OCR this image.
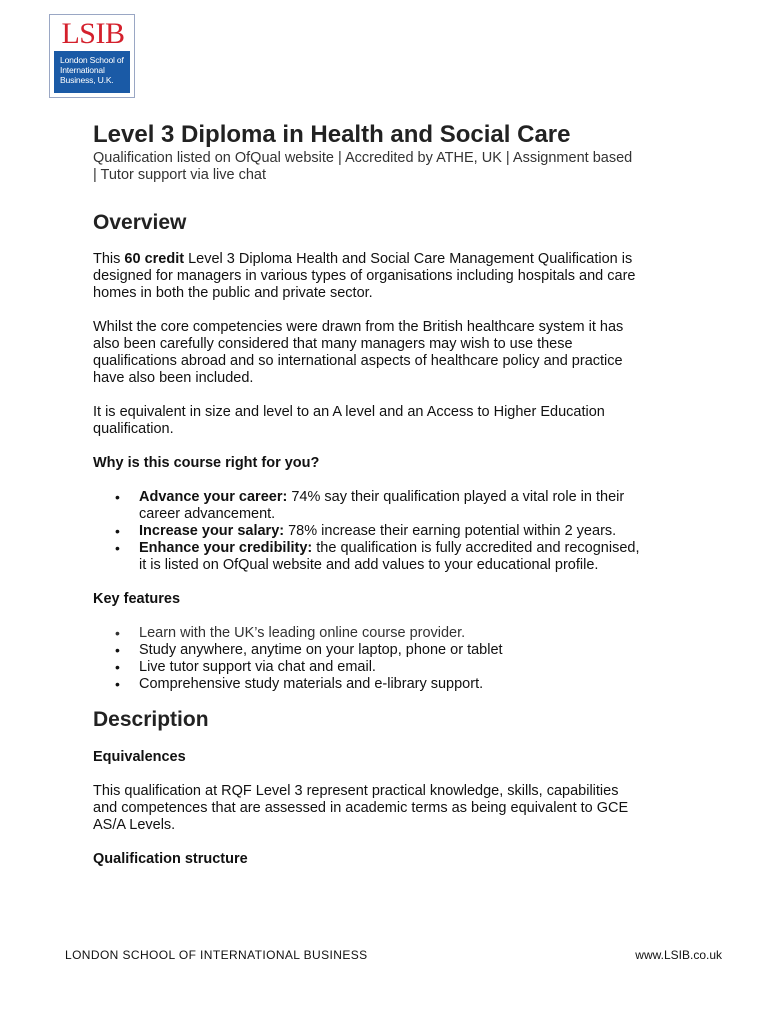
LSIB
London School of
International
Business, U.K.
Level 3 Diploma in Health and Social Care
Qualification listed on OfQual website | Accredited by ATHE, UK | Assignment based
| Tutor support via live chat
Overview

This 60 credit Level 3 Diploma Health and Social Care Management Qualification is
designed for managers in various types of organisations including hospitals and care
homes in both the public and private sector.

Whilst the core competencies were drawn from the British healthcare system it has
also been carefully considered that many managers may wish to use these
qualifications abroad and so international aspects of healthcare policy and practice
have also been included.

It is equivalent in size and level to an A level and an Access to Higher Education
qualification.

Why is this course right for you?
• Advance your career: 74% say their qualification played a vital role in their
career advancement.
• Increase your salary: 78% increase their earning potential within 2 years.
• Enhance your credibility: the qualification is fully accredited and recognised,
it is listed on OfQual website and add values to your educational profile.
Key features
• Learn with the UK’s leading online course provider.
• Study anywhere, anytime on your laptop, phone or tablet
• Live tutor support via chat and email.
• Comprehensive study materials and e-library support.
Description
Equivalences

This qualification at RQF Level 3 represent practical knowledge, skills, capabilities
and competences that are assessed in academic terms as being equivalent to GCE
AS/A Levels.

Qualification structure
LONDON SCHOOL OF INTERNATIONAL BUSINESS	www.LSIB.co.uk
